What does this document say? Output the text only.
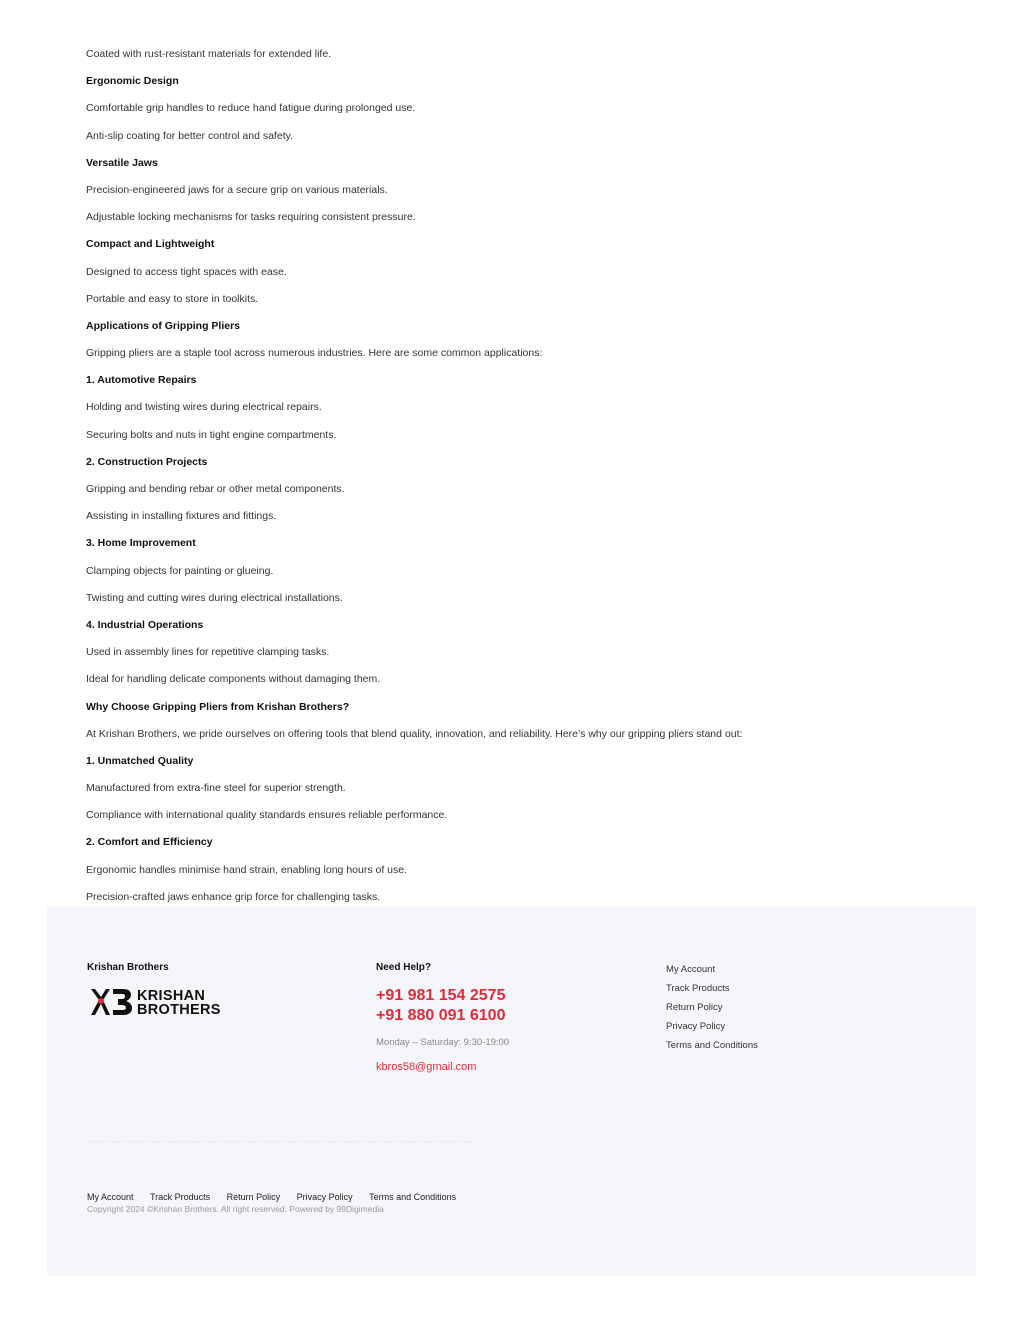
Coated with rust-resistant materials for extended life.

Ergonomic Design

Comfortable grip handles to reduce hand fatigue during prolonged use.

Anti-slip coating for better control and safety.

Versatile Jaws

Precision-engineered jaws for a secure grip on various materials.

Adjustable locking mechanisms for tasks requiring consistent pressure.

Compact and Lightweight

Designed to access tight spaces with ease.

Portable and easy to store in toolkits.

Applications of Gripping Pliers

Gripping pliers are a staple tool across numerous industries. Here are some common applications:

1. Automotive Repairs

Holding and twisting wires during electrical repairs.

Securing bolts and nuts in tight engine compartments.

2. Construction Projects

Gripping and bending rebar or other metal components.

Assisting in installing fixtures and fittings.

3. Home Improvement

Clamping objects for painting or glueing.

Twisting and cutting wires during electrical installations.

4. Industrial Operations

Used in assembly lines for repetitive clamping tasks.

Ideal for handling delicate components without damaging them.

Why Choose Gripping Pliers from Krishan Brothers?

At Krishan Brothers, we pride ourselves on offering tools that blend quality, innovation, and reliability. Here’s why our gripping pliers stand out:

1. Unmatched Quality

Manufactured from extra-fine steel for superior strength.

Compliance with international quality standards ensures reliable performance.

2. Comfort and Efficiency

Ergonomic handles minimise hand strain, enabling long hours of use.

Precision-crafted jaws enhance grip force for challenging tasks.

Krishan Brothers
KRISHAN
BROTHERS
Need Help?
+91 981 154 2575
+91 880 091 6100
Monday – Saturday: 9:30-19:00
kbros58@gmail.com
My Account
Track Products
Return Policy
Privacy Policy
Terms and Conditions
My Account Track Products Return Policy Privacy Policy Terms and Conditions
Copyright 2024 ©Krishan Brothers. All right reserved. Powered by 99Digimedia
